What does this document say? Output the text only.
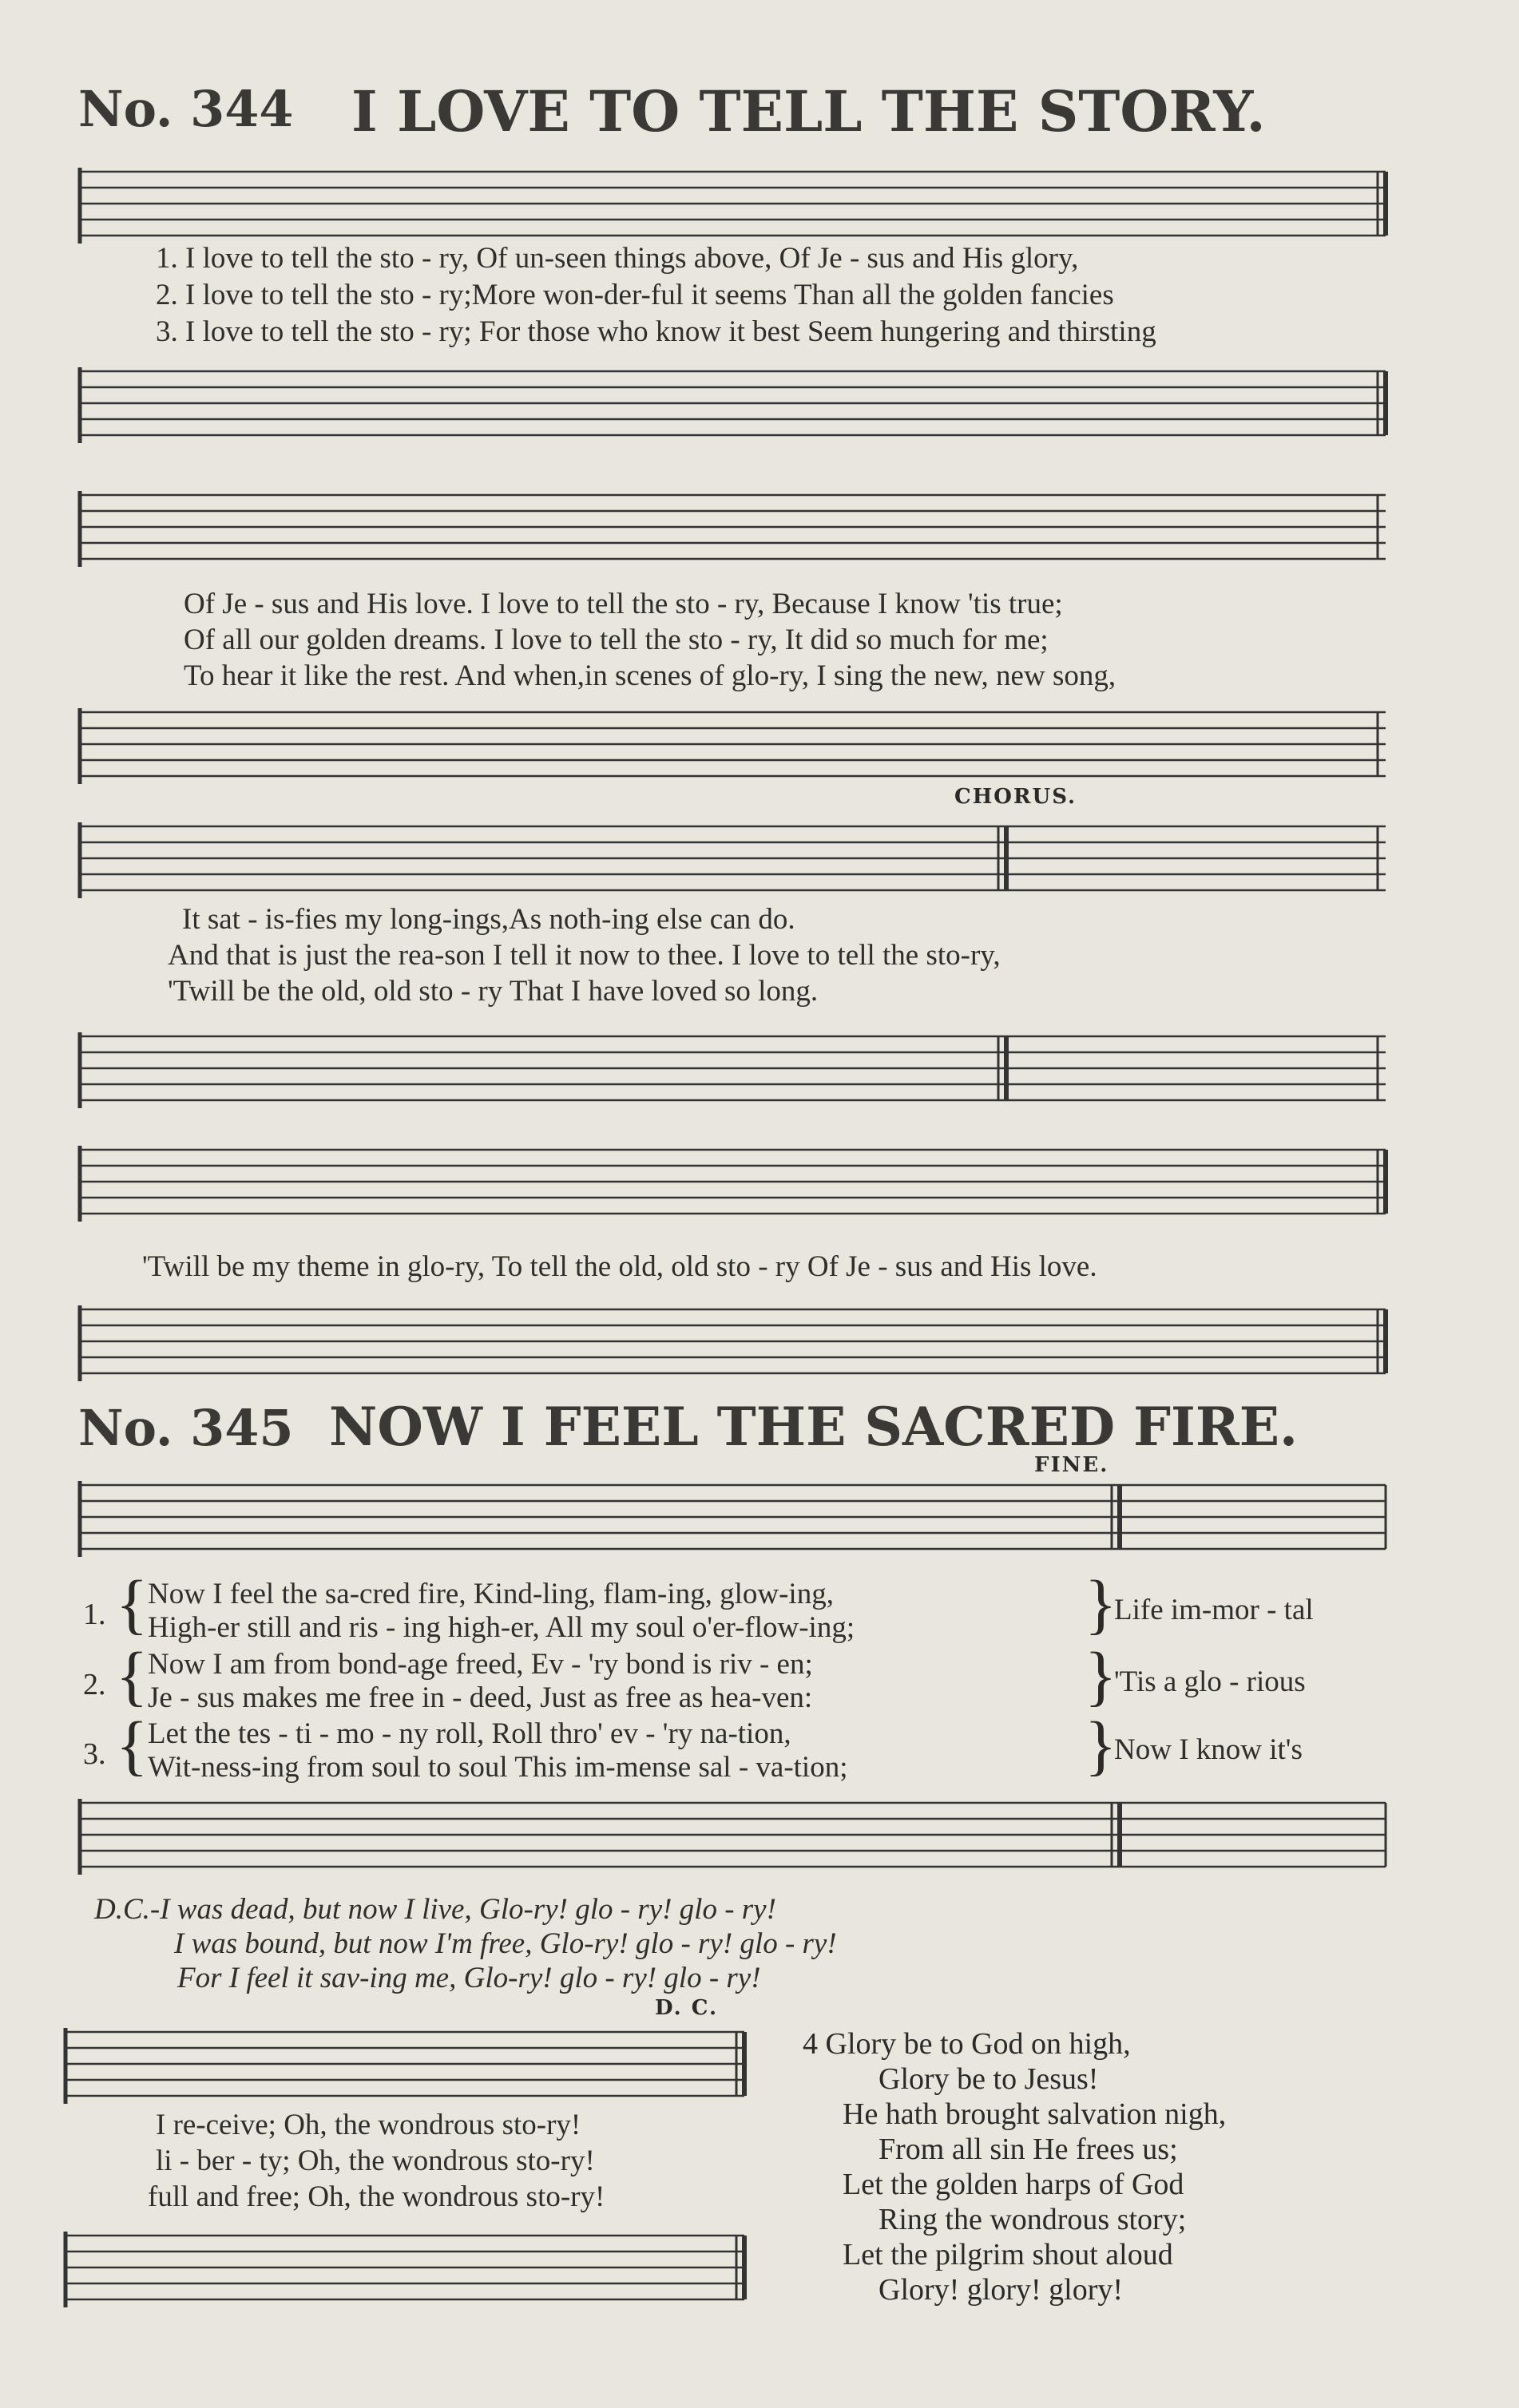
No. 344 I LOVE TO TELL THE STORY.
1. I love to tell the sto - ry, Of un-seen things above, Of Je - sus and His glory,
2. I love to tell the sto - ry;More won-der-ful it seems Than all the golden fancies
3. I love to tell the sto - ry; For those who know it best Seem hungering and thirsting
Of Je - sus and His love. I love to tell the sto - ry, Because I know 'tis true;
Of all our golden dreams. I love to tell the sto - ry, It did so much for me;
To hear it like the rest. And when,in scenes of glo-ry, I sing the new, new song,
CHORUS.
It sat - is-fies my long-ings,As noth-ing else can do.
And that is just the rea-son I tell it now to thee. I love to tell the sto-ry,
'Twill be the old, old sto - ry That I have loved so long.
'Twill be my theme in glo-ry, To tell the old, old sto - ry Of Je - sus and His love.
No. 345 NOW I FEEL THE SACRED FIRE.
FINE.
1. { Now I feel the sa-cred fire, Kind-ling, flam-ing, glow-ing,
High-er still and ris - ing high-er, All my soul o'er-flow-ing;	}
Life im-mor - tal
2. { Now I am from bond-age freed, Ev - 'ry bond is riv - en;
Je - sus makes me free in - deed, Just as free as hea-ven:	}
'Tis a glo - rious
3. { Let the tes - ti - mo - ny roll, Roll thro' ev - 'ry na-tion,
Wit-ness-ing from soul to soul This im-mense sal - va-tion;	}
Now I know it's
D.C.-I was dead, but now I live, Glo-ry! glo - ry! glo - ry!
I was bound, but now I'm free, Glo-ry! glo - ry! glo - ry!
For I feel it sav-ing me, Glo-ry! glo - ry! glo - ry!
D. C.
I re-ceive; Oh, the wondrous sto-ry!
li - ber - ty; Oh, the wondrous sto-ry!
full and free; Oh, the wondrous sto-ry!
4 Glory be to God on high,
Glory be to Jesus!
He hath brought salvation nigh,
From all sin He frees us;
Let the golden harps of God
Ring the wondrous story;
Let the pilgrim shout aloud
Glory! glory! glory!
